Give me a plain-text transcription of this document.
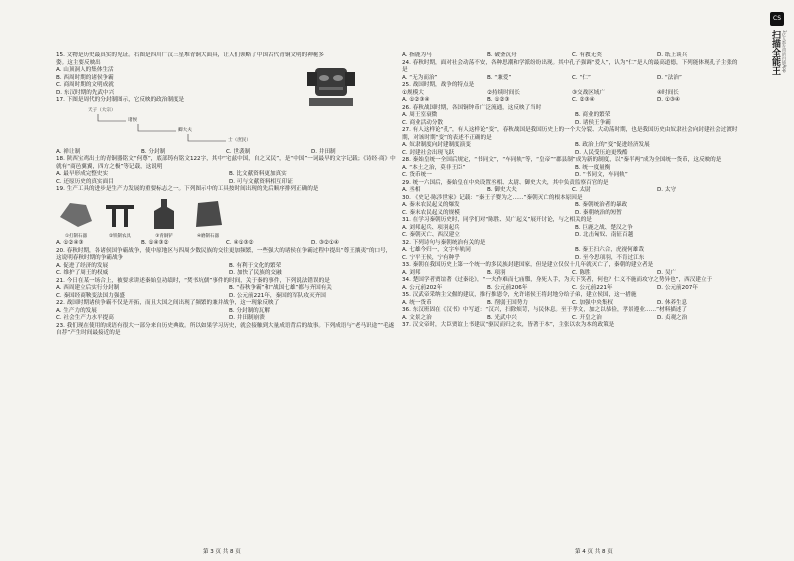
15. 文物是历史最真实的见证。右图是四川广汉三星堆青铜大面具，让人们领略了中国古代青铜文明的神秘多姿。这主要反映出

A. 山顶洞人的集体生活
B. 西周时期的诸侯争霸
C. 商周时期的文明成就
D. 东汉时期的先武中兴

17. 下图是周代的分封制图示，它反映的政治制度是

天子（大宗）
诸侯
卿大夫
士（庶民）
A. 禅让制	B. 分封制	C. 世袭制	D. 井田制

18. 陕西宝鸡出土的青铜器铭文“何尊”，底部铸有铭文122字，其中“宅兹中国，自之又民”，是“中国”一词最早的文字记载；《诗经·商》中就有“商邑翼翼，四方之极”等记载，这说明

A. 最早形成完整史实	B. 比文献资料更加真实
C. 还原历史的真实面目	D. 可与文献资料相互印证

19. 生产工具的进步是生产力发展的重要标志之一。下列图示中的工具按时间出现的先后顺序排列正确的是

①打制石器	②铁制农具	③青铜铲	④磨制石器
A. ①②④③	B. ①④③②	C. ④①③②	D. ③②①④

20. 春秋时期，各诸侯国争霸战争，使中原地区与四周少数民族的交往更加频繁，一些强大的诸侯在争霸过程中提出“尊王攘夷”的口号，这说明春秋时期的争霸战争

A. 促进了经济的发展	B. 有利于文化的繁荣
C. 维护了周王的权威	D. 加快了民族的交融

21. 今日在某一场合上，被要求讲述秦始皇功绩时，“焚书坑儒”事件的时间，关于秦的事件，下列说法错误的是

A. 西周建立后实行分封制	B. “春秋争霸”和“战国七雄”都与齐国有关
C. 秦国经商鞅变法国力强盛	D. 公元前221年，秦国的军队攻灭齐国

22. 战国时期诸侯争霸不仅是开拓，而且大国之间出现了频繁的兼并战争，这一现象反映了

A. 生产力的发展	B. 分封制的瓦解
C. 社会生产力水平提高	D. 井田制崩溃

23. 我们现在使用的成语有很大一部分来自历史典故。所以如果学习历史，就会接触到大量成语背后的故事。下列成语与“老马识途”“毛遂自荐”产生时间最接近的是

A. 指鹿为马	B. 破釜沉舟	C. 有教无类	D. 纸上谈兵

24. 春秋时期，面对社会动荡不安，各种思潮和学派纷纷出现。其中孔子强调“爱人”，认为“仁”是人的最高道德，下列能体现孔子主张的是

A. “无为而治”	B. “兼爱”	C. “仁”	D. “法治”

25. 战国时期，战争的特点是

①规模大	②持续时间长	③交战区域广	④时间长
A. ①②③④	B. ①②③	C. ②③④	D. ①③④

26. 春秋战国时期，各国铜钟币广泛流通，这反映了当时

A. 周王室衰微	B. 商业的繁荣
C. 商业活动分散	D. 诸侯王争霸

27. 有人这样论“孔”，有人这样论“变”，春秋战国是我国历史上的一个大分裂、大动荡时期，也是我国历史由奴隶社会向封建社会过渡时期，对该时期“变”的表述不正确的是

A. 奴隶制度向封建制度演变	B. 政治上的“变”促进经济发展
C. 封建社会出现飞跃	D. 人民受压迫更残酷

28. 秦始皇统一全国后规定，“书同文”，“车同轨”等，“皇帝”“郡县制”成为新的制度，以“秦半两”成为全国统一货币，这反映的是

A. “本土之治，莫非王臣”	B. 统一度量衡
C. 货币统一	D. “书同文，车同轨”

29. 统一六国后，秦始皇在中央设置丞相、太尉、御史大夫，其中负责监察百官的是

A. 丞相	B. 御史大夫	C. 太尉	D. 太守

30. 《史记·陈涉世家》记载：“秦王子婴为之……”秦朝灭亡的根本原因是

A. 秦末农民起义的爆发	B. 秦朝统治者的暴政
C. 秦末农民起义的规模	D. 秦朝统治的短暂

31. 在学习秦朝历史时，同学们对“陈胜、吴广起义”展开讨论，与之相关的是

A. 刘邦起兵、项羽起兵	B. 巨鹿之战、楚汉之争
C. 秦朝灭亡、西汉建立	D. 北击匈奴、南征百越

32. 下列诗句与秦朝统治有关的是

A. 七雄今归一，文字车轨同	B. 秦王扫六合，虎视何雄哉
C. 宁平王侯，宁有种乎	D. 至今思项羽，不肯过江东

33. 秦朝在我国历史上第一个统一的多民族封建国家，但是建立仅仅十几年就灭亡了，秦朝的建立者是

A. 刘邦	B. 项羽	C. 陈胜	D. 吴广

34. 楚国学者贾谊著《过秦论》，“一夫作难而七庙隳，身死人手，为天下笑者，何也？仁义不施而攻守之势异也”，西汉建立于

A. 公元前202年	B. 公元前206年	C. 公元前221年	D. 公元前207年

35. 汉武帝采纳主父偃的建议，推行推恩令，允许诸侯王将封地分给子弟，建立侯国，这一措施

A. 统一货币	B. 削弱王国势力	C. 加强中央集权	D. 休养生息

36. 东汉班固在《汉书》中写道：“汉兴，扫除烦苛，与民休息。至于孝文，加之以恭俭，孝景遵业……”材料描述了

A. 文景之治	B. 光武中兴	C. 开皇之治	D. 贞观之治

37. 汉文帝时，大臣贾谊上书建议“驱民而归之农，皆著于本”，主张以农为本的政策是

第 3 页 共 8 页	第 4 页 共 8 页
CS
扫描全能王 3亿人都在用的扫描App
